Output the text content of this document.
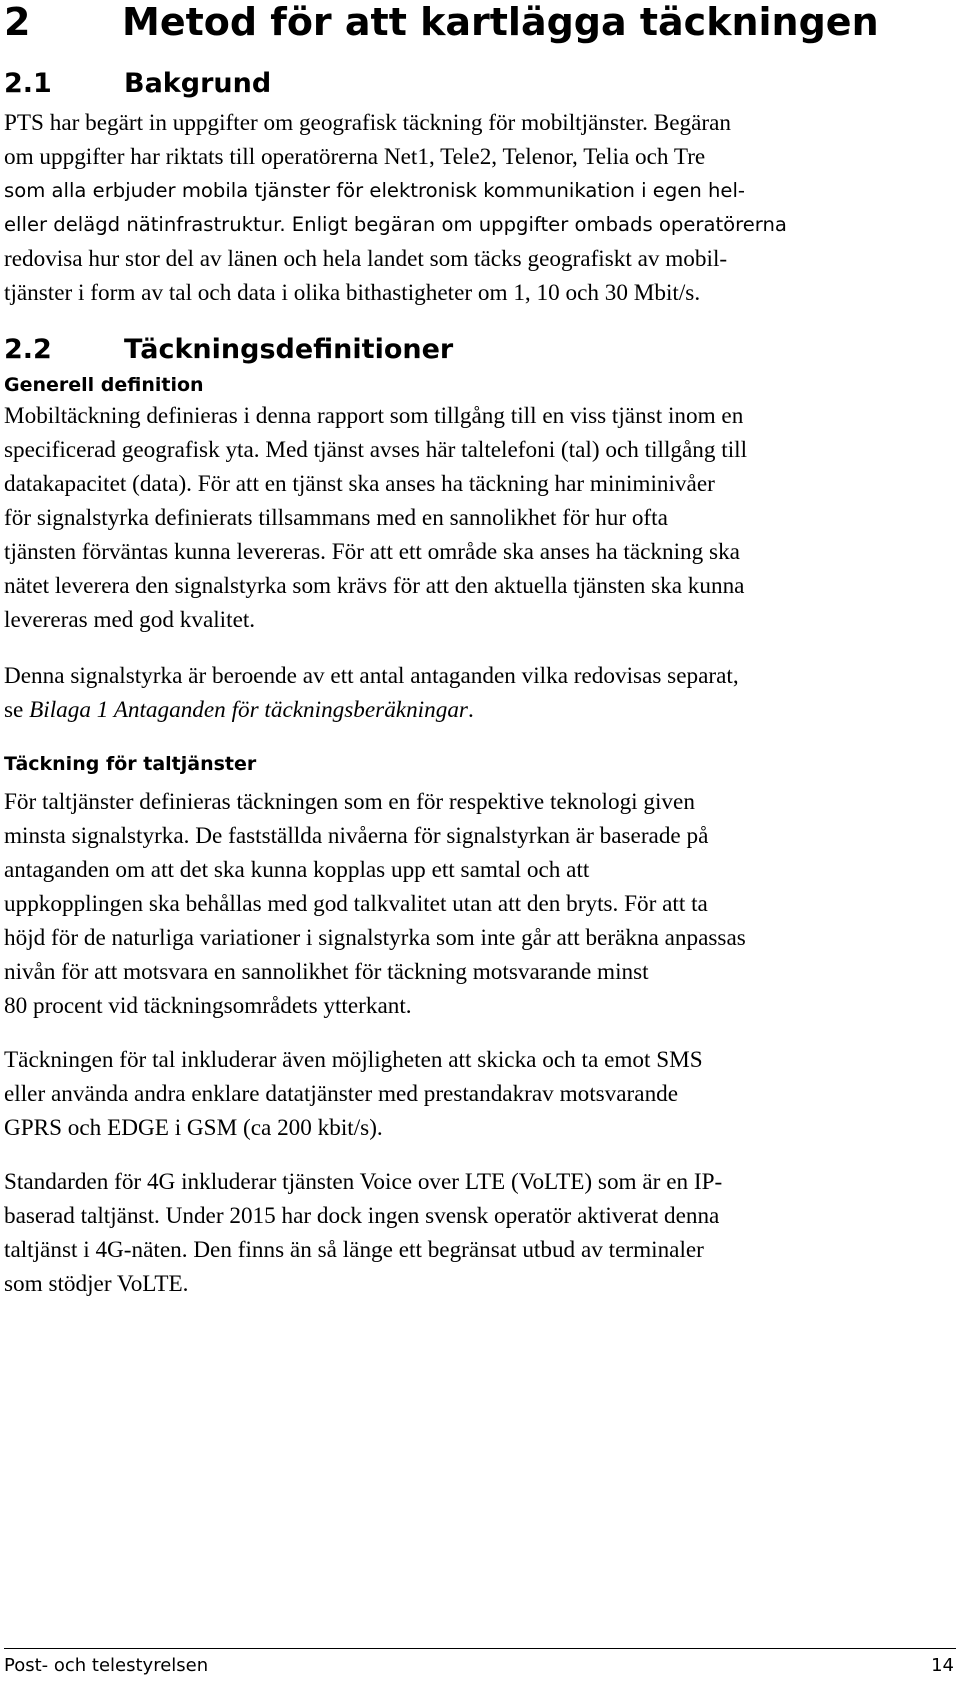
2 Metod för att kartlägga täckningen
2.1	Bakgrund
PTS har begärt in uppgifter om geografisk täckning för mobiltjänster. Begäran
om uppgifter har riktats till operatörerna Net1, Tele2, Telenor, Telia och Tre
som alla erbjuder mobila tjänster för elektronisk kommunikation i egen hel-
eller delägd nätinfrastruktur. Enligt begäran om uppgifter ombads operatörerna
redovisa hur stor del av länen och hela landet som täcks geografiskt av mobil-
tjänster i form av tal och data i olika bithastigheter om 1, 10 och 30 Mbit/s.
2.2	Täckningsdefinitioner
Generell definition
Mobiltäckning definieras i denna rapport som tillgång till en viss tjänst inom en
specificerad geografisk yta. Med tjänst avses här taltelefoni (tal) och tillgång till
datakapacitet (data). För att en tjänst ska anses ha täckning har miniminivåer
för signalstyrka definierats tillsammans med en sannolikhet för hur ofta
tjänsten förväntas kunna levereras. För att ett område ska anses ha täckning ska
nätet leverera den signalstyrka som krävs för att den aktuella tjänsten ska kunna
levereras med god kvalitet.
Denna signalstyrka är beroende av ett antal antaganden vilka redovisas separat,
se Bilaga 1 Antaganden för täckningsberäkningar.
Täckning för taltjänster
För taltjänster definieras täckningen som en för respektive teknologi given
minsta signalstyrka. De fastställda nivåerna för signalstyrkan är baserade på
antaganden om att det ska kunna kopplas upp ett samtal och att
uppkopplingen ska behållas med god talkvalitet utan att den bryts. För att ta
höjd för de naturliga variationer i signalstyrka som inte går att beräkna anpassas
nivån för att motsvara en sannolikhet för täckning motsvarande minst
80 procent vid täckningsområdets ytterkant.
Täckningen för tal inkluderar även möjligheten att skicka och ta emot SMS
eller använda andra enklare datatjänster med prestandakrav motsvarande
GPRS och EDGE i GSM (ca 200 kbit/s).
Standarden för 4G inkluderar tjänsten Voice over LTE (VoLTE) som är en IP-
baserad taltjänst. Under 2015 har dock ingen svensk operatör aktiverat denna
taltjänst i 4G-näten. Den finns än så länge ett begränsat utbud av terminaler
som stödjer VoLTE.
Post- och telestyrelsen	14
